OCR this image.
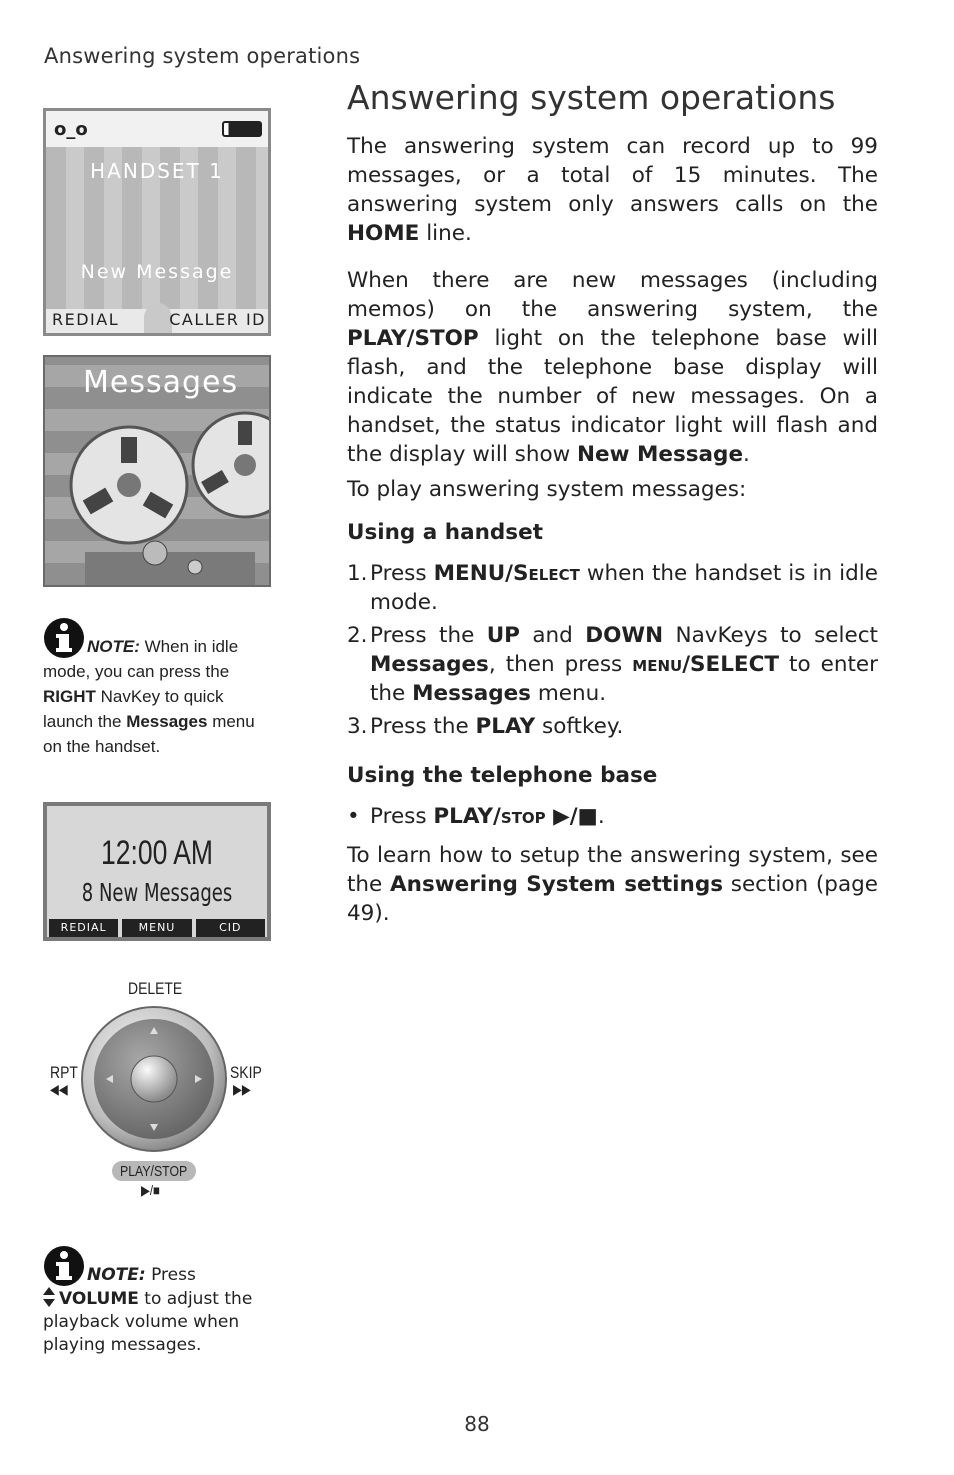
Answering system operations
o_o
HANDSET 1
New Message
REDIAL	CALLER ID
Messages
NOTE: When in idle mode, you can press the RIGHT NavKey to quick launch the Messages menu on the handset.
12:00 AM
8 New Messages
REDIAL	MENU	CID
DELETE
RPT
◀◀
SKIP
▶▶
PLAY/STOP
▶/■
NOTE: Press
VOLUME to adjust the playback volume when playing messages.
Answering system operations

The answering system can record up to 99 messages, or a total of 15 minutes. The answering system only answers calls on the HOME line.

When there are new messages (including memos) on the answering system, the PLAY/STOP light on the telephone base will flash, and the telephone base display will indicate the number of new messages. On a handset, the status indicator light will flash and the display will show New Message.

To play answering system messages:

Using a handset
1. Press MENU/Select when the handset is in idle mode.
2. Press the UP and DOWN NavKeys to select Messages, then press menu/SELECT to enter the Messages menu.
3. Press the PLAY softkey.
Using the telephone base
• Press PLAY/stop ▶/■.

To learn how to setup the answering system, see the Answering System settings section (page 49).

88
